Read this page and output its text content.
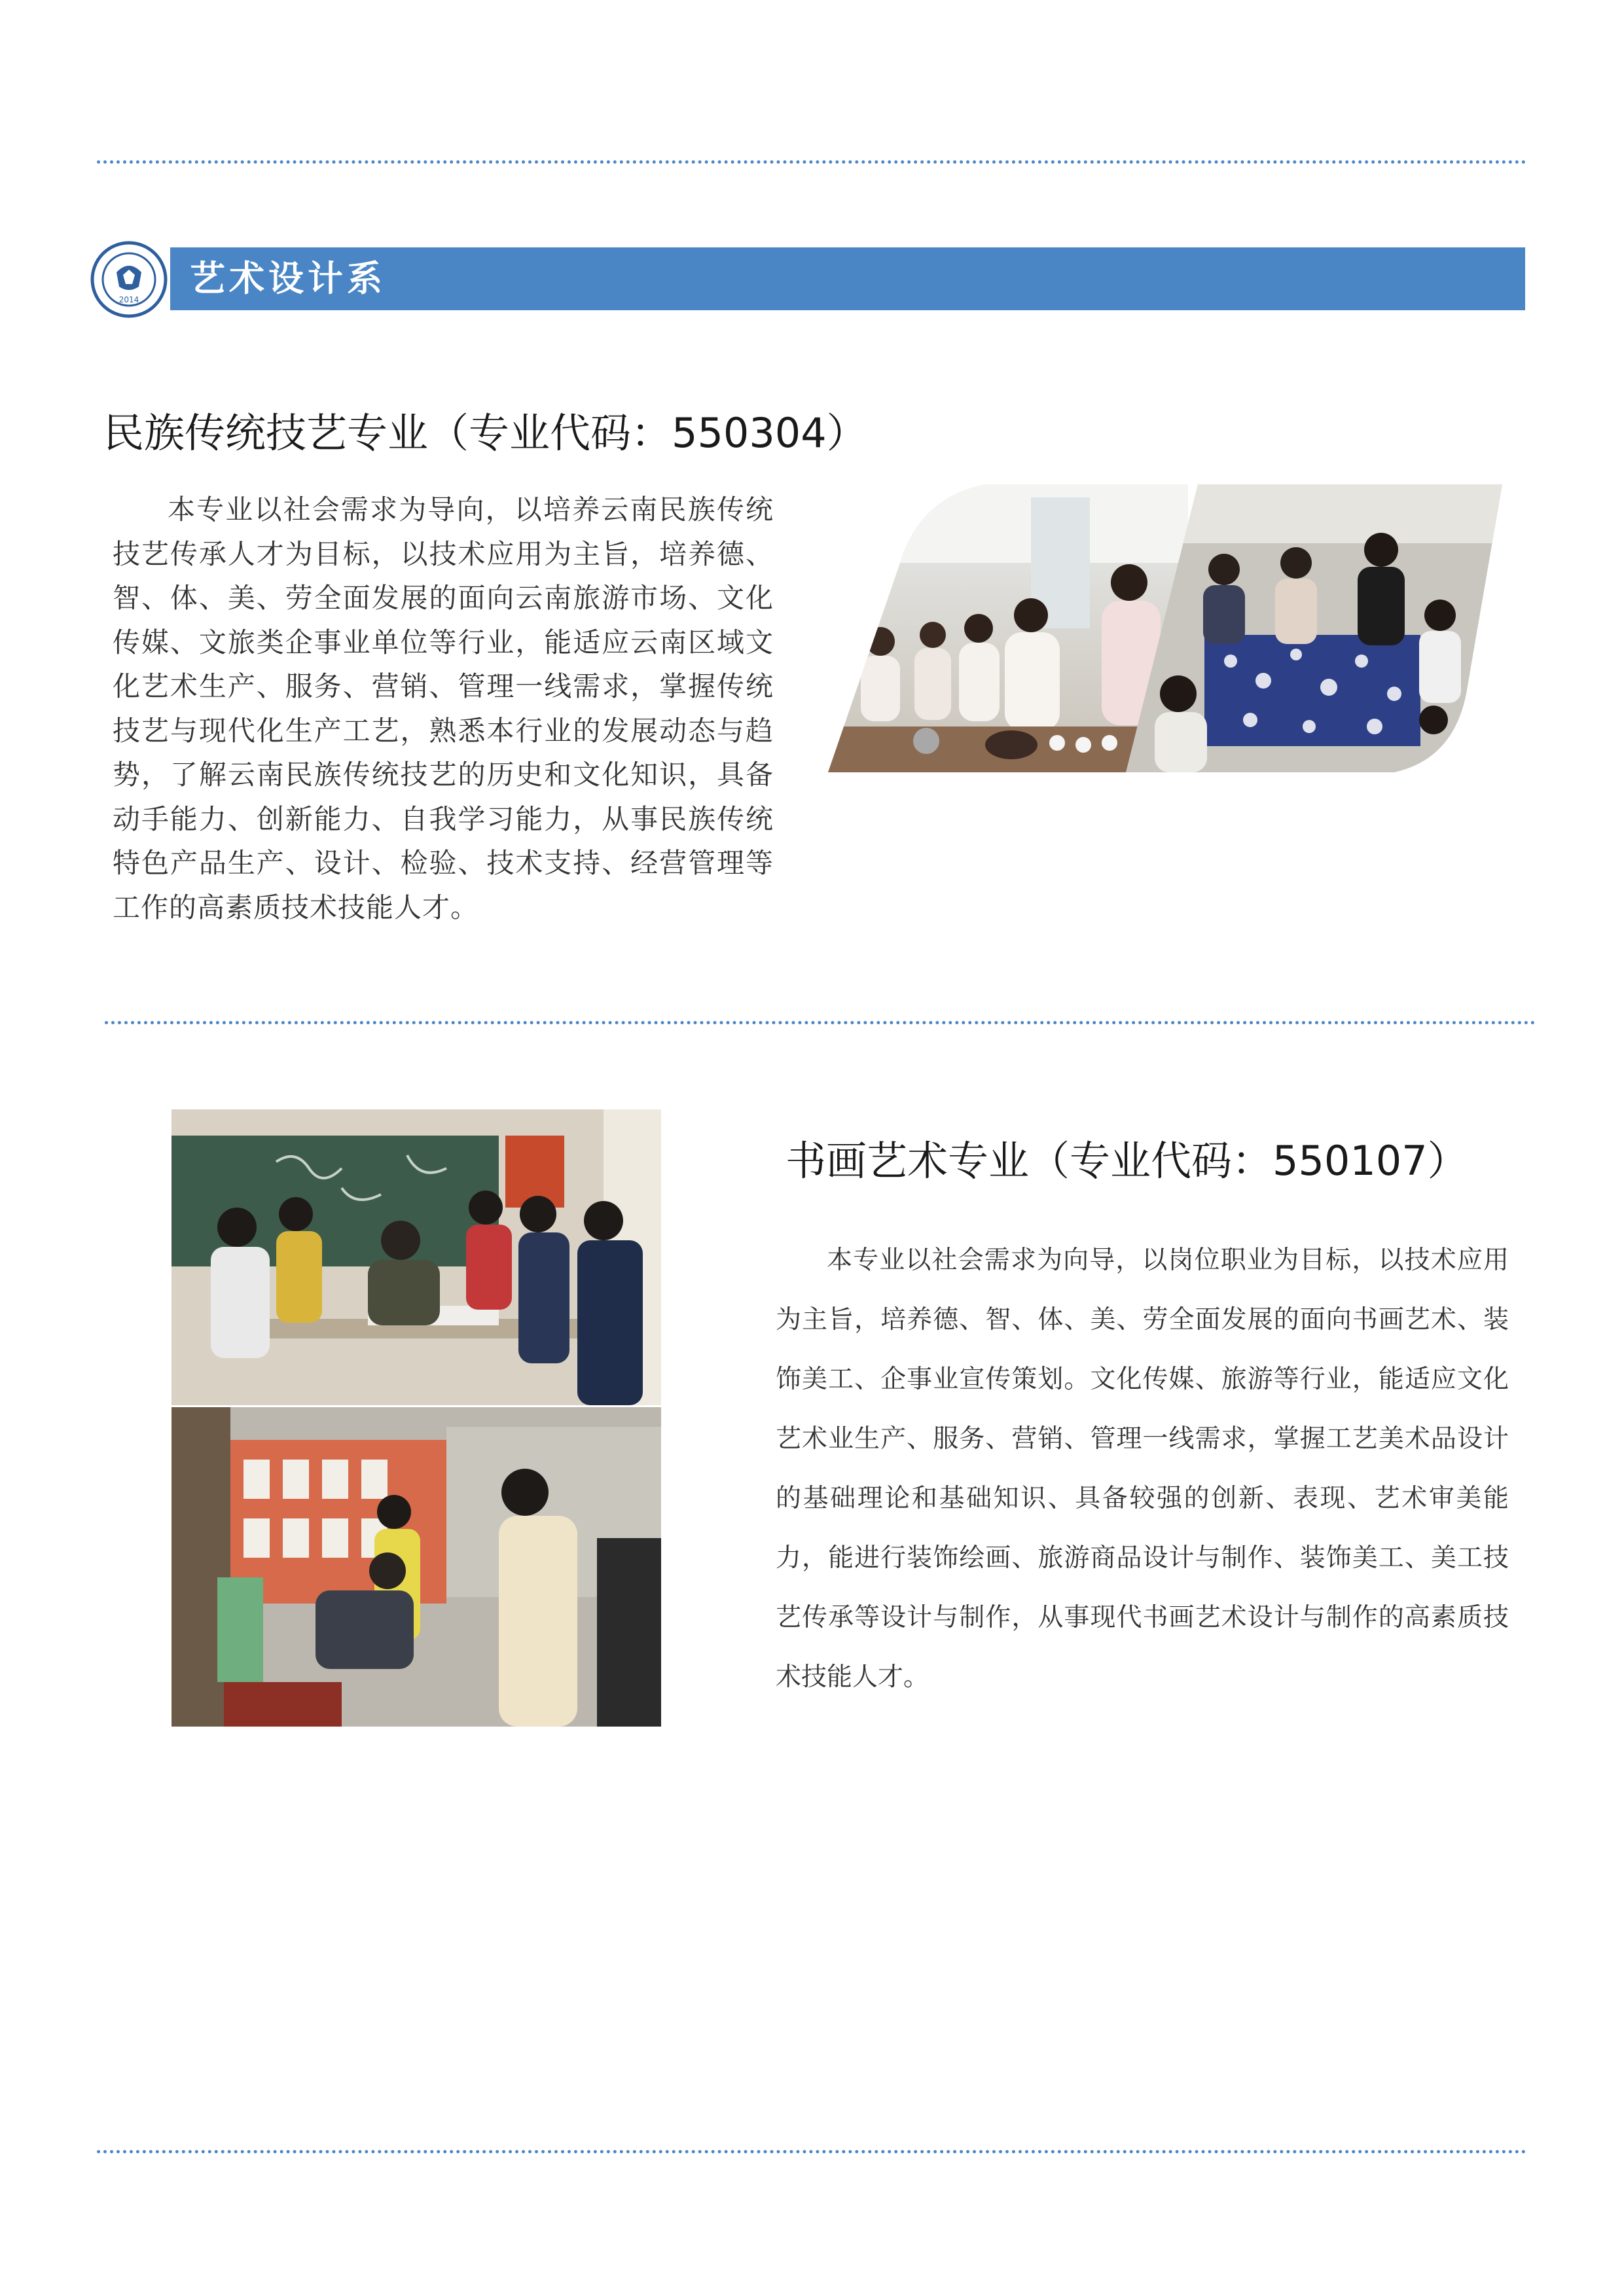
2014
艺术设计系
民族传统技艺专业（专业代码：550304）
本专业以社会需求为导向，以培养云南民族传统技艺传承人才为目标，以技术应用为主旨，培养德、智、体、美、劳全面发展的面向云南旅游市场、文化传媒、文旅类企事业单位等行业，能适应云南区域文化艺术生产、服务、营销、管理一线需求，掌握传统技艺与现代化生产工艺，熟悉本行业的发展动态与趋势，了解云南民族传统技艺的历史和文化知识，具备动手能力、创新能力、自我学习能力，从事民族传统特色产品生产、设计、检验、技术支持、经营管理等工作的高素质技术技能人才。
书画艺术专业（专业代码：550107）
本专业以社会需求为向导，以岗位职业为目标，以技术应用为主旨，培养德、智、体、美、劳全面发展的面向书画艺术、装饰美工、企事业宣传策划。文化传媒、旅游等行业，能适应文化艺术业生产、服务、营销、管理一线需求，掌握工艺美术品设计的基础理论和基础知识、具备较强的创新、表现、艺术审美能力，能进行装饰绘画、旅游商品设计与制作、装饰美工、美工技艺传承等设计与制作，从事现代书画艺术设计与制作的高素质技术技能人才。
